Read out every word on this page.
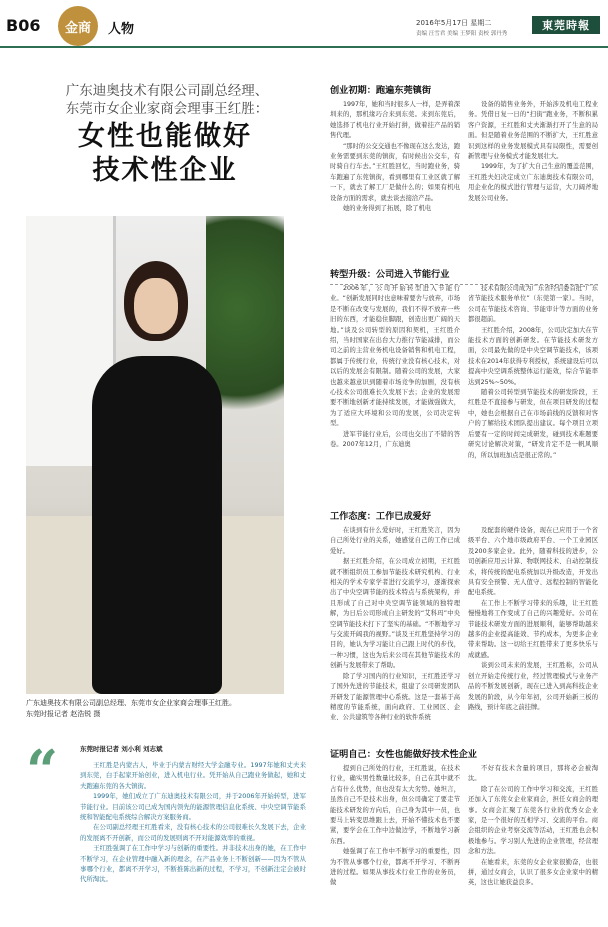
B06	金商	人物	2016年5月17日 星期二
责编 汪雪君 美编 王梦阳 责校 郭丹秀
東莞時報
广东迪奥技术有限公司副总经理、
东莞市女企业家商会理事王红胜：
女性也能做好
技术性企业
广东迪奥技术有限公司副总经理、东莞市女企业家商会理事王红胜。
东莞时报记者 赵浩锐 摄
“	东莞时报记者 刘小利 刘志斌

王红胜是内蒙古人，毕业于内蒙古财经大学金融专业。1997年她和丈夫来到东莞，白手起家开始创业，进入机电行业。凭开始从自己跑业务做起，她和丈夫跑遍东莞的各大镇街。

1999年，她们成立了广东迪奥技术有限公司，并于2006年开始转型，进军节能行业。目前该公司已成为国内领先的能源管理信息化系统、中央空调节能系统和智能配电系统综合解决方案服务商。

在公司副总经理王红胜看来，没有核心技术的公司很难长久发展下去，企业的发展离不开创新，而公司的发展则离不开对能源效率的重视。

王红胜强调了在工作中学习与创新的重要性。并非技术出身的她，在工作中不断学习，在企业管理中融入新的理念，在产品业务上不断创新——因为不管从事哪个行业，都离不开学习，不断推陈出新的过程，不学习，不创新注定会被时代所淘汰。

创业初期：跑遍东莞镇街

1997年，她和当时很多人一样，是弄着深圳来的，那机缘巧合来到东莞。来到东莞后，她选择了机电行业开始打拼，做着挂产品的销售代理。

“那时的公交交通也不像现在这么发达，跑业务需要到东莞的镇街，有时候出公交车，有时骑自行车去。”王红胜回忆，当时跑业务，骑车跑遍了东莞镇街，看到哪里有工业区就了解一下，就去了解工厂是做什么的；如果有机电设备方面的需求，就去谈去接洽产品。

她的业务得到了拓展，除了机电

设备的销售业务外，开始涉及机电工程业务。凭借日复一日的“扫街”跑业务，不断积累客户资源，王红胜和丈夫渐渐打开了生意的局面。但是随着业务范围的不断扩大，王红胜意识到这样的业务发展模式具有局限性，需要创新管理与业务模式才能发展壮大。

1999年，为了扩大自己生意的覆盖范围，王红胜夫妇决定成立广东迪奥技术有限公司，用企业化的模式进行管理与运营，大刀阔斧地发展公司业务。

转型升级：公司进入节能行业

2006年，公司开始转型进入节能行业。“创新发展同时也意味着要舍与放弃，市场是不断在改变与发展的，我们不得不放弃一些旧的东西，才能稳住脚跟，创造出更广阔的天地。”谈及公司转型的原因和契机，王红胜介绍，当时国家在出台大力推行节能减排，而公司之前的主营业务机电设备销售和机电工程，都属于传统行业，传统行业没有核心技术，对以后的发展会有限制。随着公司的发展，大家也越来越意识到随着市场竞争的加剧，没有核心技术公司很难长久发展下去；企业的发展需要不断地创新才能持续发展，才能做强做大，为了适应大环境和公司的发展，公司决定转型。

进军节能行业后，公司也交出了不错的答卷。2007年12月，广东迪奥

技术有限公司成为广东省经信委首批“广东省节能技术服务单位”（东莞第一家）。当时，公司在节能技术咨询、节能审计等方面的业务都很超前。

王红胜介绍，2008年，公司决定加大在节能技术方面的创新研发。在节能技术研发方面，公司最先做的是中央空调节能技术，该项技术在2014年获得专利授权，系统建设后可以提高中央空调系统整体运行能效，综合节能率达到25%~50%。

随着公司转型到节能技术的研发阶段，王红胜是不直接参与研发，但在项目研发的过程中，她也会根据自己在市场前线的反馈和对客户的了解给技术团队提出建议。每个项目立项后要有一定的时间完成研发，碰到技术难题要研究讨论解决对策，“研发肯定不是一帆风顺的，所以加班加点是很正常的。”

工作态度：工作已成爱好

在谈到有什么爱好时，王红胜笑言，因为自己所处行业的关系，她感觉自己的工作已成爱好。

据王红胜介绍，在公司成立初期，王红胜就不断组织员工参加节能技术研究机构、行业相关的学术专家学者进行交流学习，逐渐探索出了中央空调节能的技术特点与系统架构，并且形成了自己对中央空调节能领域的独特理解，为日后公司形成自主研发的“艾科玛”中央空调节能技术打下了坚实的基础。“不断地学习与交流开阔我的视野。”谈及王红胜坚持学习的目的，她认为学习能让自己跟上时代的步伐，一种习惯，这也为后来公司在其他节能技术的创新与发展带来了帮助。

除了学习国内的行业知识，王红胜还学习了国外先进的节能技术，组建了公司研发团队开研发了能源管理中心系统。这是一套基于高精度的节能系统，面向政府、工业园区、企业、公共建筑等各种行业的软件系统

及配套的硬件设备，现在已应用于一个省级平台、六个地市级政府平台、一个工业园区及200多家企业。此外，随着科技的进步，公司创新应用云计算、物联网技术、自动控制技术，将传统的配电系统加以升级改造，开发出具有安全预警、无人值守、远程控制的智能化配电系统。

在工作上不断学习带来的乐趣，让王红胜慢慢地将工作变成了自己的兴趣爱好。公司在节能技术研发方面的进展顺利，能够帮助越来越多的企业提高能效、节约成本，为更多企业带来帮助。这一切给王红胜带来了更多快乐与成就感。

谈到公司未来的发展，王红胜称，公司从创立开始走传统行业，经过管理模式与业务产品的不断发展创新，现在已进入到高科技企业发展的阶段，从今年年初，公司开始新三板的路线，预计年底之前挂牌。

证明自己：女性也能做好技术性企业

提到自己所处的行业，王红胜说，在技术行业，确实男性数量比较多，自己在其中就不占有什么优势，但也没有太大劣势。她坦言，虽然自己不是技术出身，但公司确定了要走节能技术研发的方向后，自己身为其中一员，也要马上转变思维跟上去，开始不懂技术也不要紧，要学会在工作中边做边学，不断地学习新东西。

她强调了在工作中不断学习的重要性，因为不管从事哪个行业，都离不开学习、不断再进的过程。如果从事技术行业工作的业务员，做

不好有技术含量的项目，那将必会被淘汰。

除了在公司的工作中学习和交流，王红胜还加入了东莞女企业家商会，担任女商会的理事。女商会汇聚了东莞各行业的优秀女企业家，是一个很好的互相学习、交流的平台。商会组织的企业考察交流等活动，王红胜也会积极地参与。学习别人先进的企业管理，经营理念和方法。

在她看来，东莞的女企业家很勤奋，也很拼，通过女商会，认识了很多女企业家中的精英，这也让她获益良多。
